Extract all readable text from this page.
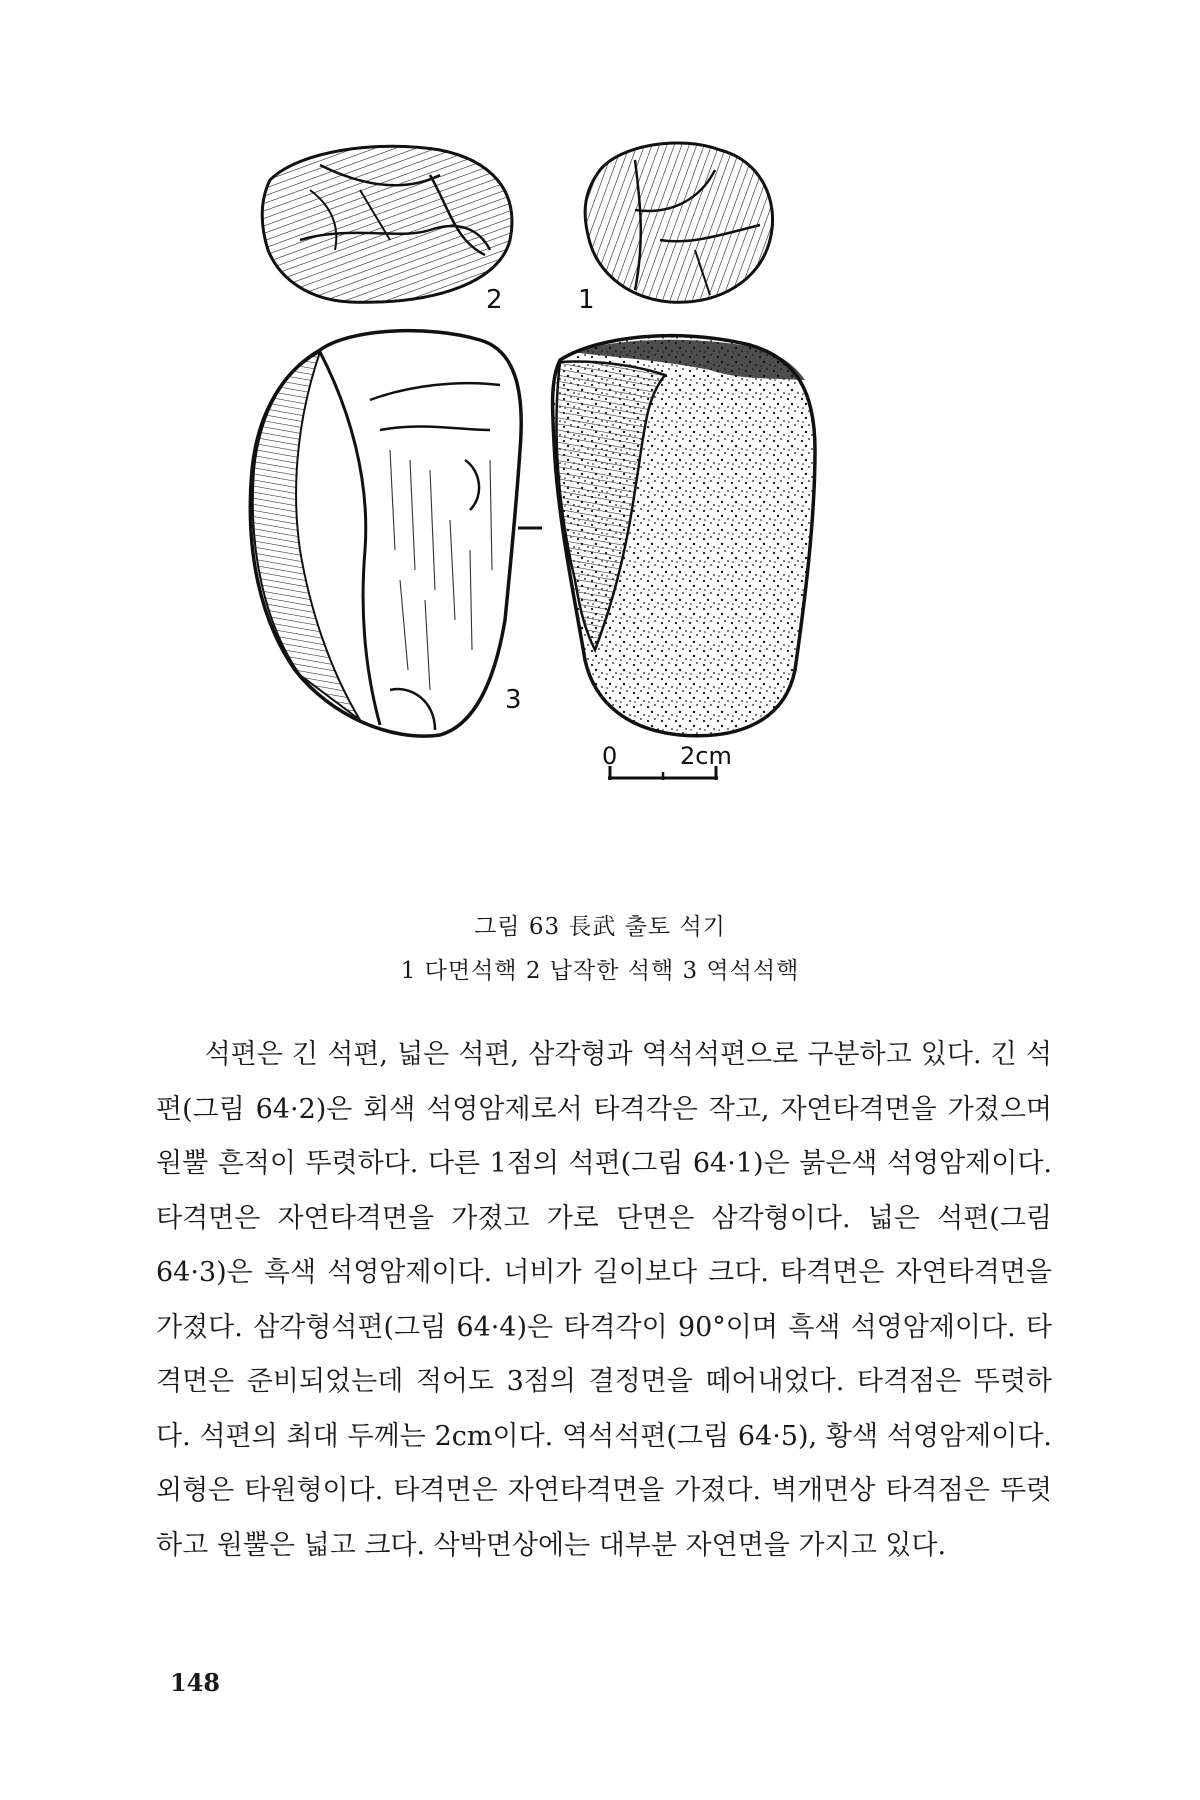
2	1
3
0	2cm
그림 63 長武 출토 석기
1 다면석핵 2 납작한 석핵 3 역석석핵

석편은 긴 석편, 넓은 석편, 삼각형과 역석석편으로 구분하고 있다. 긴 석편(그림 64·2)은 회색 석영암제로서 타격각은 작고, 자연타격면을 가졌으며 원뿔 흔적이 뚜렷하다. 다른 1점의 석편(그림 64·1)은 붉은색 석영암제이다. 타격면은 자연타격면을 가졌고 가로 단면은 삼각형이다. 넓은 석편(그림 64·3)은 흑색 석영암제이다. 너비가 길이보다 크다. 타격면은 자연타격면을 가졌다. 삼각형석편(그림 64·4)은 타격각이 90°이며 흑색 석영암제이다. 타격면은 준비되었는데 적어도 3점의 결정면을 떼어내었다. 타격점은 뚜렷하다. 석편의 최대 두께는 2cm이다. 역석석편(그림 64·5), 황색 석영암제이다. 외형은 타원형이다. 타격면은 자연타격면을 가졌다. 벽개면상 타격점은 뚜렷하고 원뿔은 넓고 크다. 삭박면상에는 대부분 자연면을 가지고 있다.

148
